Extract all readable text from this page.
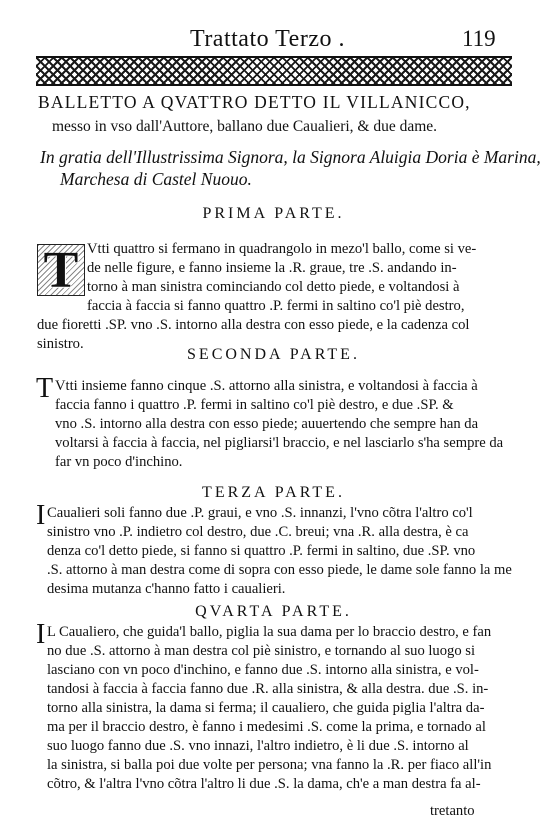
Trattato Terzo .	119
BALLETTO A QVATTRO DETTO IL VILLANICCO,
messo in vso dall'Auttore, ballano due Caualieri, & due dame.
In gratia dell'Illustrissima Signora, la Signora Aluigia Doria è Marina,
Marchesa di Castel Nuouo.
PRIMA PARTE.
T Vtti quattro si fermano in quadrangolo in mezo'l ballo, come si ve-
de nelle figure, e fanno insieme la .R. graue, tre .S. andando in-
torno à man sinistra cominciando col detto piede, e voltandosi à
faccia à faccia si fanno quattro .P. fermi in saltino co'l piè destro,
due fioretti .SP. vno .S. intorno alla destra con esso piede, e la cadenza col
sinistro.
SECONDA PARTE.
T Vtti insieme fanno cinque .S. attorno alla sinistra, e voltandosi à faccia à
faccia fanno i quattro .P. fermi in saltino co'l piè destro, e due .SP. &
vno .S. intorno alla destra con esso piede; auuertendo che sempre han da
voltarsi à faccia à faccia, nel pigliarsi'l braccio, e nel lasciarlo s'ha sempre da
far vn poco d'inchino.
TERZA PARTE.
I Caualieri soli fanno due .P. graui, e vno .S. innanzi, l'vno cõtra l'altro co'l
sinistro vno .P. indietro col destro, due .C. breui; vna .R. alla destra, è ca
denza co'l detto piede, si fanno si quattro .P. fermi in saltino, due .SP. vno
.S. attorno à man destra come di sopra con esso piede, le dame sole fanno la me
desima mutanza c'hanno fatto i caualieri.
QVARTA PARTE.
I L Caualiero, che guida'l ballo, piglia la sua dama per lo braccio destro, e fan
no due .S. attorno à man destra col piè sinistro, e tornando al suo luogo si
lasciano con vn poco d'inchino, e fanno due .S. intorno alla sinistra, e vol-
tandosi à faccia à faccia fanno due .R. alla sinistra, & alla destra. due .S. in-
torno alla sinistra, la dama si ferma; il caualiero, che guida piglia l'altra da-
ma per il braccio destro, è fanno i medesimi .S. come la prima, e tornado al
suo luogo fanno due .S. vno innazi, l'altro indietro, è li due .S. intorno al
la sinistra, si balla poi due volte per persona; vna fanno la .R. per fiaco all'in
cõtro, & l'altra l'vno cõtra l'altro li due .S. la dama, ch'e a man destra fa al-
tretanto
